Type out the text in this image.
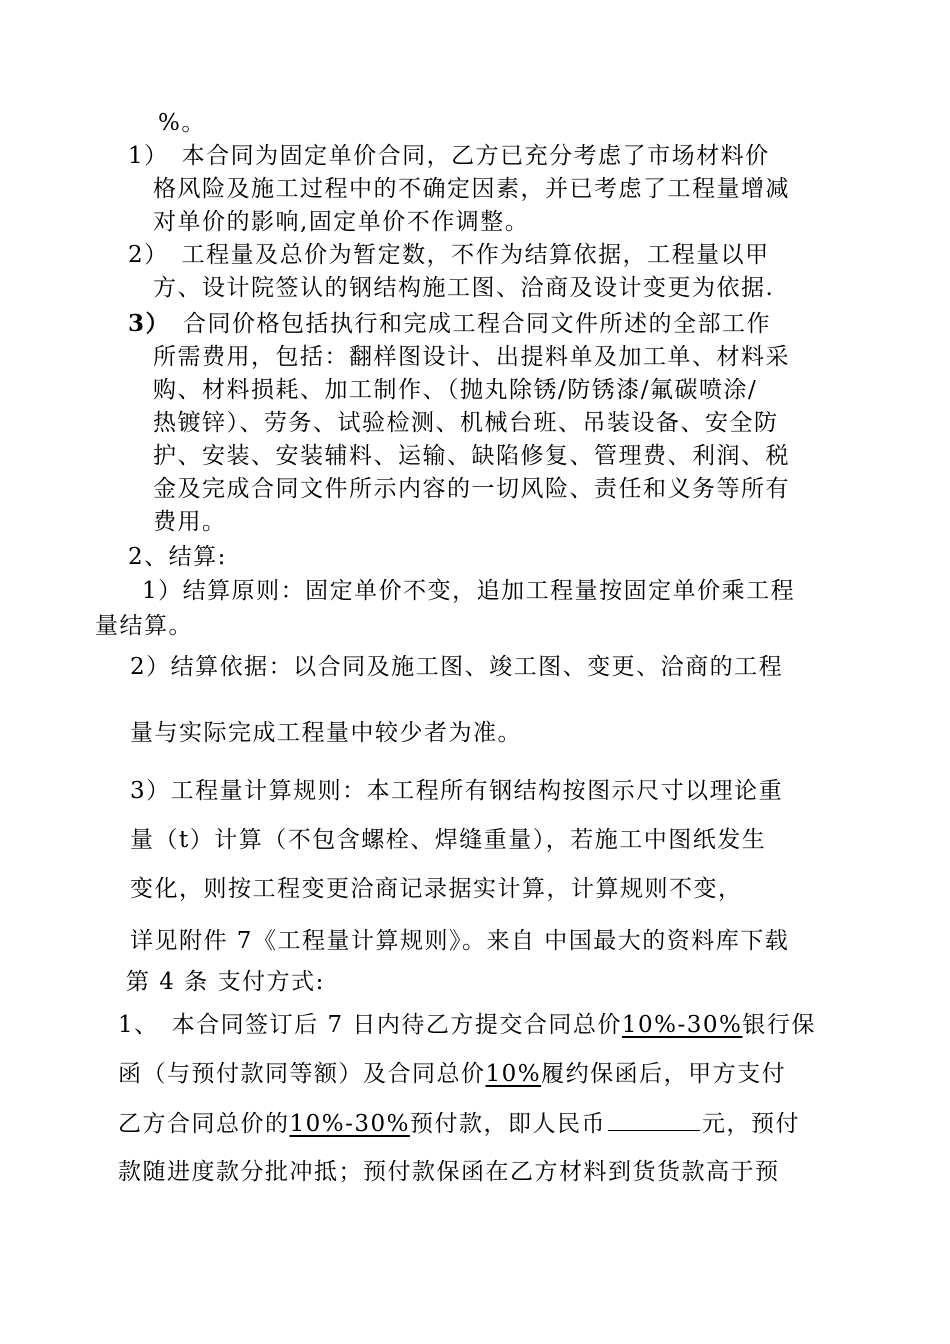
%。
1）　本合同为固定单价合同，乙方已充分考虑了市场材料价
格风险及施工过程中的不确定因素，并已考虑了工程量增减
对单价的影响,固定单价不作调整。
2）　工程量及总价为暂定数，不作为结算依据，工程量以甲
方、设计院签认的钢结构施工图、洽商及设计变更为依据.
3）　 合同价格包括执行和完成工程合同文件所述的全部工作
所需费用，包括：翻样图设计、出提料单及加工单、材料采
购、材料损耗、加工制作、（抛丸除锈/防锈漆/氟碳喷涂/
热镀锌）、劳务、试验检测、机械台班、吊装设备、安全防
护、安装、安装辅料、运输、缺陷修复、管理费、利润、税
金及完成合同文件所示内容的一切风险、责任和义务等所有
费用。
2、结算:
1）结算原则：固定单价不变，追加工程量按固定单价乘工程
量结算。
2）结算依据：以合同及施工图、竣工图、变更、洽商的工程
量与实际完成工程量中较少者为准。
3）工程量计算规则：本工程所有钢结构按图示尺寸以理论重
量（t）计算（不包含螺栓、焊缝重量），若施工中图纸发生
变化，则按工程变更洽商记录据实计算，计算规则不变，
详见附件 7《工程量计算规则》。来自 中国最大的资料库下载
第 4 条 支付方式:
1、　本合同签订后 7 日内待乙方提交合同总价10%-30%银行保
函（与预付款同等额）及合同总价10%履约保函后，甲方支付
乙方合同总价的10%-30%预付款，即人民币	元，预付
款随进度款分批冲抵；预付款保函在乙方材料到货货款高于预
